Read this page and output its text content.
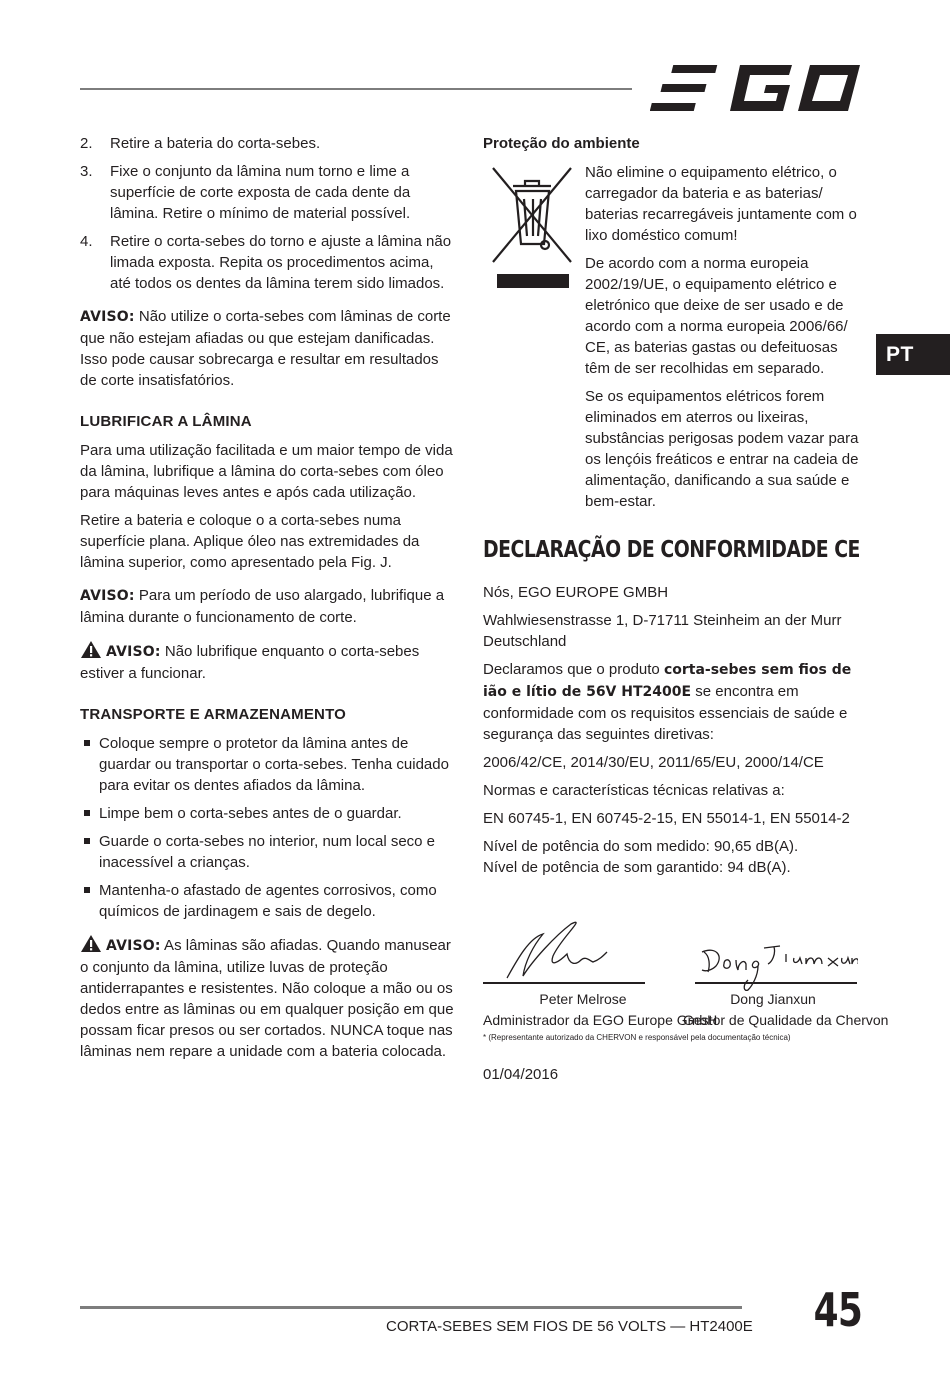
PT
2. Retire a bateria do corta-sebes.
3. Fixe o conjunto da lâmina num torno e lime a superfície de corte exposta de cada dente da lâmina. Retire o mínimo de material possível.
4. Retire o corta-sebes do torno e ajuste a lâmina não limada exposta. Repita os procedimentos acima, até todos os dentes da lâmina terem sido limados.

AVISO: Não utilize o corta-sebes com lâminas de corte que não estejam afiadas ou que estejam danificadas. Isso pode causar sobrecarga e resultar em resultados de corte insatisfatórios.

LUBRIFICAR A LÂMINA

Para uma utilização facilitada e um maior tempo de vida da lâmina, lubrifique a lâmina do corta-sebes com óleo para máquinas leves antes e após cada utilização.

Retire a bateria e coloque o a corta-sebes numa superfície plana. Aplique óleo nas extremidades da lâmina superior, como apresentado pela Fig. J.

AVISO: Para um período de uso alargado, lubrifique a lâmina durante o funcionamento de corte.

AVISO: Não lubrifique enquanto o corta-sebes estiver a funcionar.

TRANSPORTE E ARMAZENAMENTO
Coloque sempre o protetor da lâmina antes de guardar ou transportar o corta-sebes. Tenha cuidado para evitar os dentes afiados da lâmina.
Limpe bem o corta-sebes antes de o guardar.
Guarde o corta-sebes no interior, num local seco e inacessível a crianças.
Mantenha-o afastado de agentes corrosivos, como químicos de jardinagem e sais de degelo.

AVISO: As lâminas são afiadas. Quando manusear o conjunto da lâmina, utilize luvas de proteção antiderrapantes e resistentes. Não coloque a mão ou os dedos entre as lâminas ou em qualquer posição em que possam ficar presos ou ser cortados. NUNCA toque nas lâminas nem repare a unidade com a bateria colocada.

Proteção do ambiente

Não elimine o equipamento elétrico, o carregador da bateria e as baterias/ baterias recarregáveis juntamente com o lixo doméstico comum!

De acordo com a norma europeia 2002/19/UE, o equipamento elétrico e eletrónico que deixe de ser usado e de acordo com a norma europeia 2006/66/ CE, as baterias gastas ou defeituosas têm de ser recolhidas em separado.

Se os equipamentos elétricos forem eliminados em aterros ou lixeiras, substâncias perigosas podem vazar para os lençóis freáticos e entrar na cadeia de alimentação, danificando a sua saúde e bem-estar.

DECLARAÇÃO DE CONFORMIDADE CE

Nós, EGO EUROPE GMBH

Wahlwiesenstrasse 1, D-71711 Steinheim an der Murr
Deutschland

Declaramos que o produto corta-sebes sem fios de ião e lítio de 56V HT2400E se encontra em conformidade com os requisitos essenciais de saúde e segurança das seguintes diretivas:

2006/42/CE, 2014/30/EU, 2011/65/EU, 2000/14/CE

Normas e características técnicas relativas a:

EN 60745-1, EN 60745-2-15, EN 55014-1, EN 55014-2

Nível de potência do som medido: 90,65 dB(A).
Nível de potência de som garantido: 94 dB(A).

Peter Melrose
Administrador da EGO Europe GmbH
Dong Jianxun
Gestor de Qualidade da Chervon

* (Representante autorizado da CHERVON e responsável pela documentação técnica)

01/04/2016

CORTA-SEBES SEM FIOS DE 56 VOLTS — HT2400E 45
